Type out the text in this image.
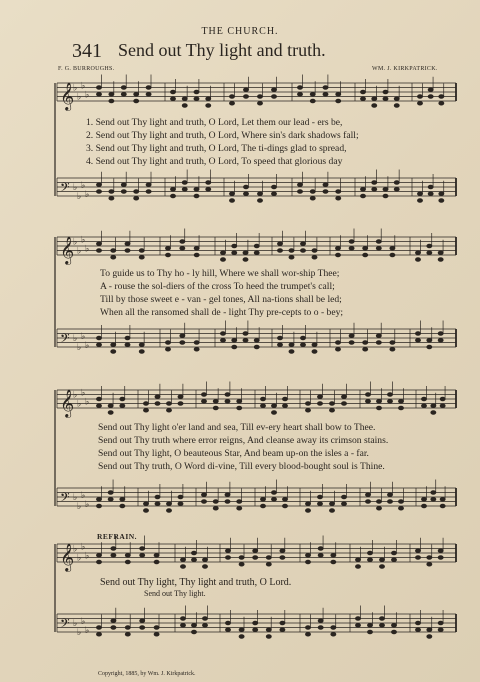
𝄞
♭
♭
♭
♭
𝄢 ♭
♭
♭
♭
𝄞
♭
♭
♭
♭
𝄢 ♭
♭
♭
♭
𝄞
♭
♭
♭
♭
𝄢 ♭
♭
♭
♭
𝄞
♭
♭
♭
♭
𝄢 ♭
♭
♭
♭
THE CHURCH.
341 Send out Thy light and truth.
F. G. BURROUGHS.	WM. J. KIRKPATRICK.
1. Send out Thy light and truth, O Lord, Let them our lead - ers be,
2. Send out Thy light and truth, O Lord, Where sin's dark shadows fall;
3. Send out Thy light and truth, O Lord, The ti-dings glad to spread,
4. Send out Thy light and truth, O Lord, To speed that glorious day
To guide us to Thy ho - ly hill, Where we shall wor-ship Thee;
A - rouse the sol-diers of the cross To heed the trumpet's call;
Till by those sweet e - van - gel tones, All na-tions shall be led;
When all the ransomed shall de - light Thy pre-cepts to o - bey;
Send out Thy light o'er land and sea, Till ev-ery heart shall bow to Thee.
Send out Thy truth where error reigns, And cleanse away its crimson stains.
Send out Thy light, O beauteous Star, And beam up-on the isles a - far.
Send out Thy truth, O Word di-vine, Till every blood-bought soul is Thine.
REFRAIN.
Send out Thy light, Thy light and truth, O Lord.
Send out Thy light.
Copyright, 1885, by Wm. J. Kirkpatrick.
